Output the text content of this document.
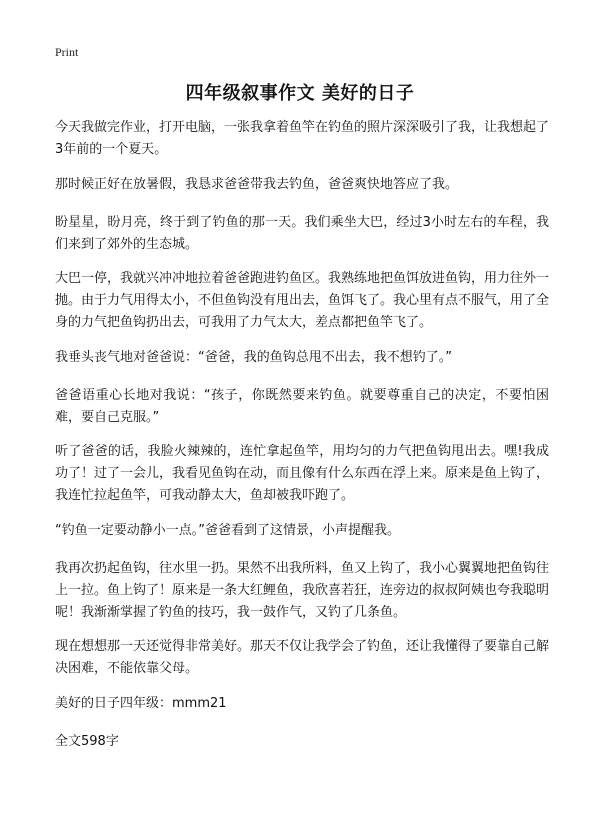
Print
四年级叙事作文 美好的日子

今天我做完作业，打开电脑，一张我拿着鱼竿在钓鱼的照片深深吸引了我，让我想起了3年前的一个夏天。

那时候正好在放暑假，我恳求爸爸带我去钓鱼，爸爸爽快地答应了我。

盼星星，盼月亮，终于到了钓鱼的那一天。我们乘坐大巴，经过3小时左右的车程，我们来到了郊外的生态城。

大巴一停，我就兴冲冲地拉着爸爸跑进钓鱼区。我熟练地把鱼饵放进鱼钩，用力往外一抛。由于力气用得太小，不但鱼钩没有甩出去，鱼饵飞了。我心里有点不服气，用了全身的力气把鱼钩扔出去，可我用了力气太大，差点都把鱼竿飞了。

我垂头丧气地对爸爸说：“爸爸，我的鱼钩总甩不出去，我不想钓了。”

爸爸语重心长地对我说：“孩子，你既然要来钓鱼。就要尊重自己的决定，不要怕困难，要自己克服。”

听了爸爸的话，我脸火辣辣的，连忙拿起鱼竿，用均匀的力气把鱼钩甩出去。嘿!我成功了！过了一会儿，我看见鱼钩在动，而且像有什么东西在浮上来。原来是鱼上钩了，我连忙拉起鱼竿，可我动静太大，鱼却被我吓跑了。

“钓鱼一定要动静小一点。”爸爸看到了这情景，小声提醒我。

我再次扔起鱼钩，往水里一扔。果然不出我所料，鱼又上钩了，我小心翼翼地把鱼钩往上一拉。鱼上钩了！原来是一条大红鲤鱼，我欣喜若狂，连旁边的叔叔阿姨也夸我聪明呢！我渐渐掌握了钓鱼的技巧，我一鼓作气，又钓了几条鱼。

现在想想那一天还觉得非常美好。那天不仅让我学会了钓鱼，还让我懂得了要靠自己解决困难，不能依靠父母。

美好的日子四年级：mmm21

全文598字
